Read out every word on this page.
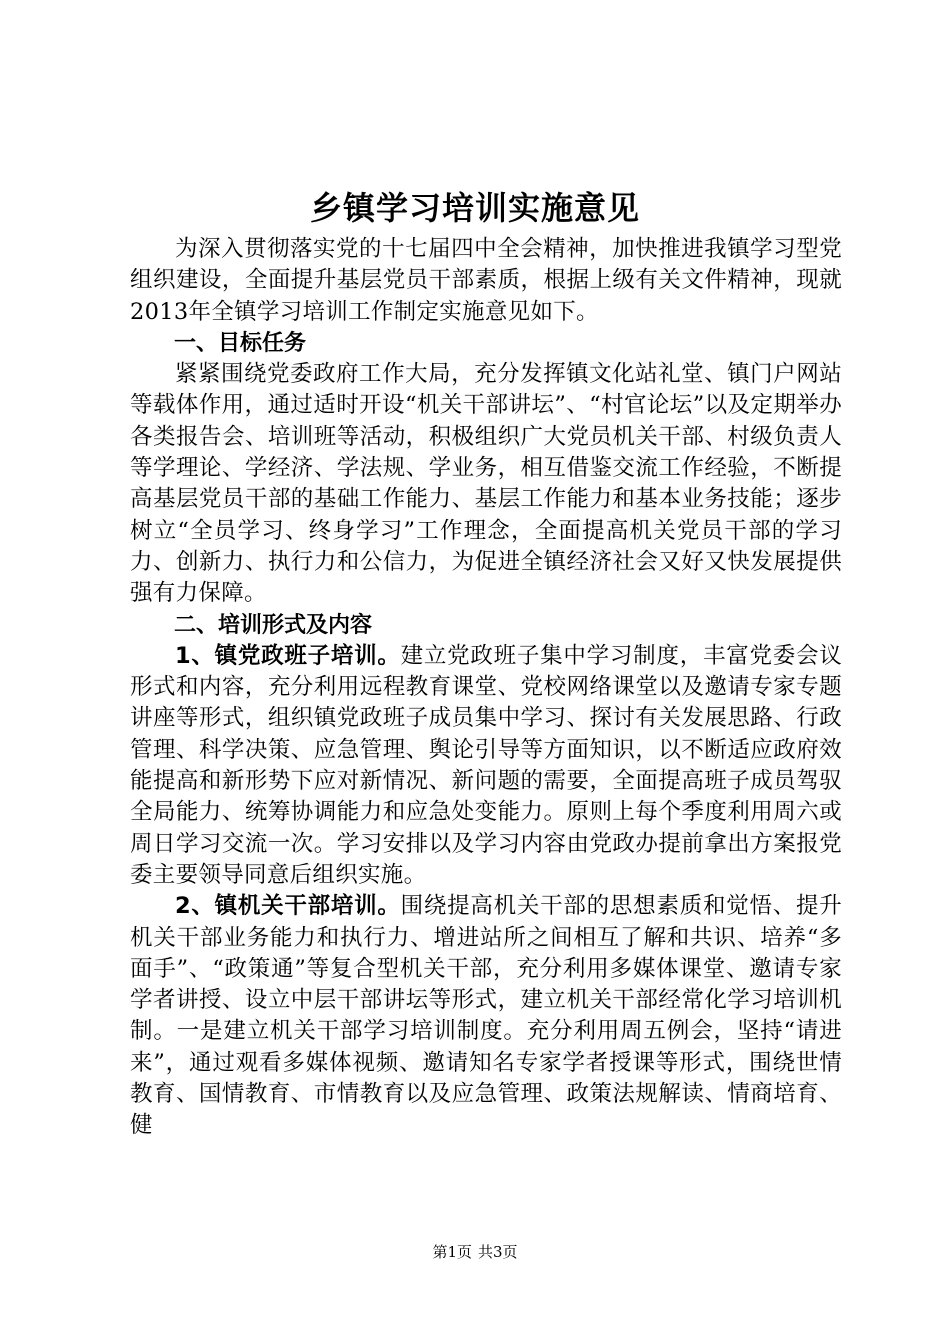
乡镇学习培训实施意见

为深入贯彻落实党的十七届四中全会精神，加快推进我镇学习型党组织建设，全面提升基层党员干部素质，根据上级有关文件精神，现就2013年全镇学习培训工作制定实施意见如下。

一、目标任务

紧紧围绕党委政府工作大局，充分发挥镇文化站礼堂、镇门户网站等载体作用，通过适时开设“机关干部讲坛”、“村官论坛”以及定期举办各类报告会、培训班等活动，积极组织广大党员机关干部、村级负责人等学理论、学经济、学法规、学业务，相互借鉴交流工作经验，不断提高基层党员干部的基础工作能力、基层工作能力和基本业务技能；逐步树立“全员学习、终身学习”工作理念，全面提高机关党员干部的学习力、创新力、执行力和公信力，为促进全镇经济社会又好又快发展提供强有力保障。

二、培训形式及内容

1、镇党政班子培训。建立党政班子集中学习制度，丰富党委会议形式和内容，充分利用远程教育课堂、党校网络课堂以及邀请专家专题讲座等形式，组织镇党政班子成员集中学习、探讨有关发展思路、行政管理、科学决策、应急管理、舆论引导等方面知识，以不断适应政府效能提高和新形势下应对新情况、新问题的需要，全面提高班子成员驾驭全局能力、统筹协调能力和应急处变能力。原则上每个季度利用周六或周日学习交流一次。学习安排以及学习内容由党政办提前拿出方案报党委主要领导同意后组织实施。

2、镇机关干部培训。围绕提高机关干部的思想素质和觉悟、提升机关干部业务能力和执行力、增进站所之间相互了解和共识、培养“多面手”、“政策通”等复合型机关干部，充分利用多媒体课堂、邀请专家学者讲授、设立中层干部讲坛等形式，建立机关干部经常化学习培训机制。一是建立机关干部学习培训制度。充分利用周五例会，坚持“请进来”，通过观看多媒体视频、邀请知名专家学者授课等形式，围绕世情教育、国情教育、市情教育以及应急管理、政策法规解读、情商培育、健

第1页 共3页
